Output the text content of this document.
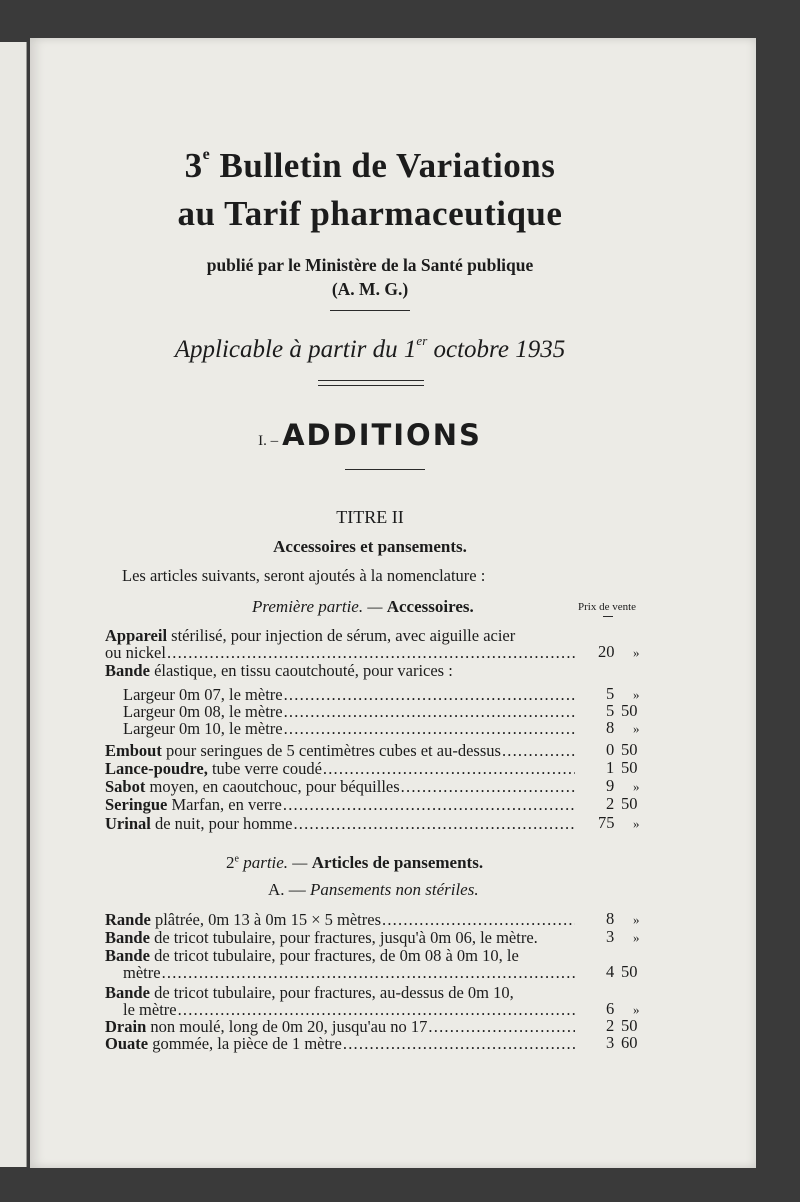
3e Bulletin de Variations
au Tarif pharmaceutique
publié par le Ministère de la Santé publique
(A. M. G.)
Applicable à partir du 1er octobre 1935
I. – ADDITIONS
TITRE II
Accessoires et pansements.
Les articles suivants, seront ajoutés à la nomenclature :
Première partie. — Accessoires.	Prix de vente
Appareil
stérilisé, pour injection de sérum, avec aiguille acier
ou nickel .....	20 »
Bande
élastique, en tissu caoutchouté, pour varices :
Largeur 0m 07, le mètre .....	5 »
Largeur 0m 08, le mètre .....	5 50
Largeur 0m 10, le mètre .....	8 »
Embout
pour seringues de 5 centimètres cubes et au-dessus .....	0 50
Lance-poudre,
tube verre coudé .....	1 50
Sabot
moyen, en caoutchouc, pour béquilles .....	9 »
Seringue
Marfan, en verre .....	2 50
Urinal
de nuit, pour homme .....	75 »
2e partie. — Articles de pansements.
A. — Pansements non stériles.
Rande
plâtrée, 0m 13 à 0m 15 × 5 mètres .....	8 »
Bande
de tricot tubulaire, pour fractures, jusqu'à 0m 06, le mètre.	3 »
Bande
de tricot tubulaire, pour fractures, de 0m 08 à 0m 10, le
mètre .....	4 50
Bande
de tricot tubulaire, pour fractures, au-dessus de 0m 10,
le mètre .....	6 »
Drain
non moulé, long de 0m 20, jusqu'au no 17 .....	2 50
Ouate
gommée, la pièce de 1 mètre .....	3 60
